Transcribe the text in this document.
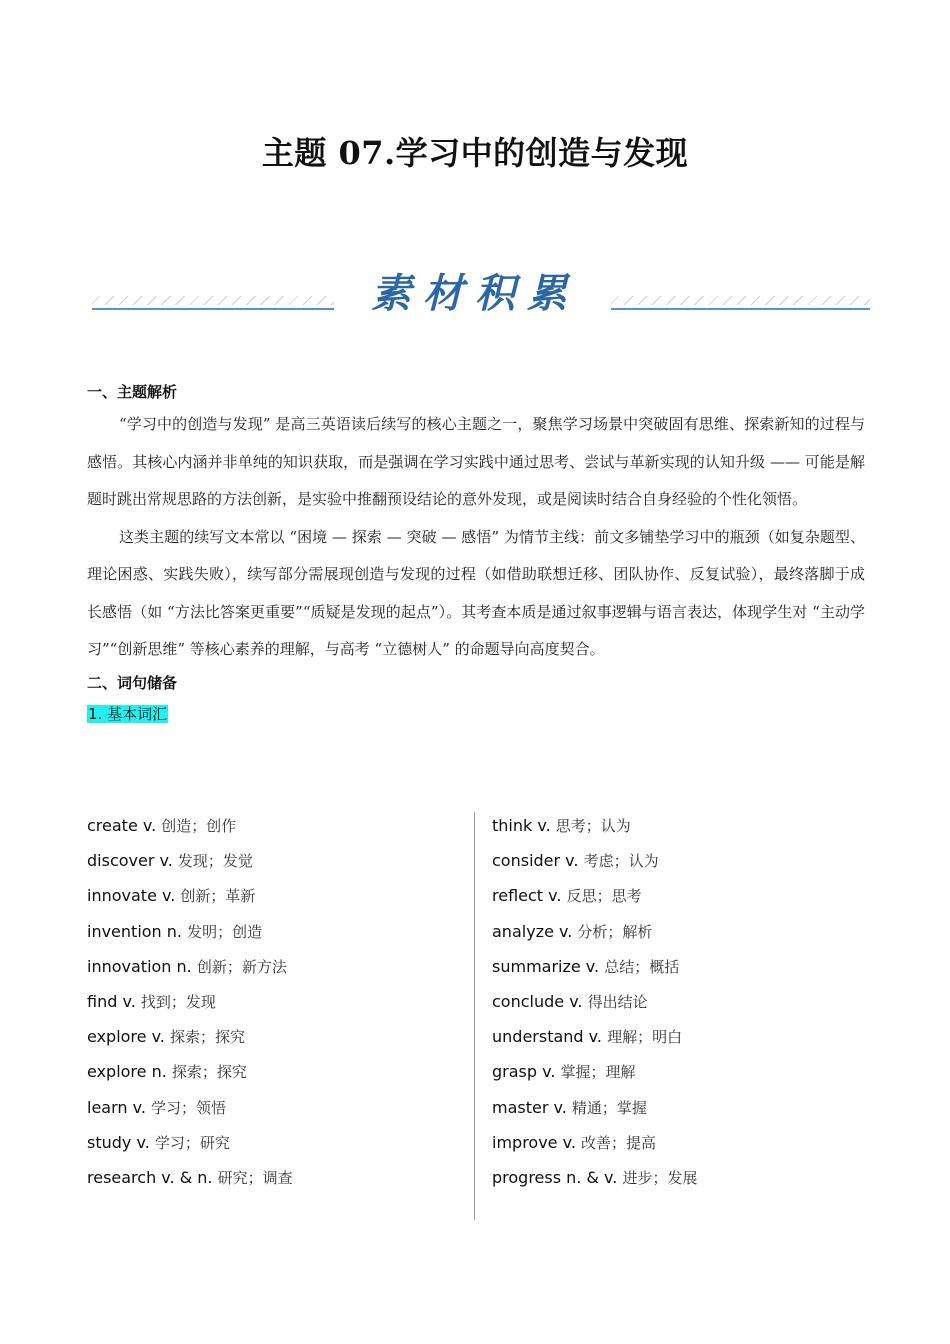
主题 07.学习中的创造与发现
素材积累

一、主题解析

“学习中的创造与发现” 是高三英语读后续写的核心主题之一，聚焦学习场景中突破固有思维、探索新知的过程与感悟。其核心内涵并非单纯的知识获取，而是强调在学习实践中通过思考、尝试与革新实现的认知升级 —— 可能是解题时跳出常规思路的方法创新，是实验中推翻预设结论的意外发现，或是阅读时结合自身经验的个性化领悟。

这类主题的续写文本常以 “困境 — 探索 — 突破 — 感悟” 为情节主线：前文多铺垫学习中的瓶颈（如复杂题型、理论困惑、实践失败），续写部分需展现创造与发现的过程（如借助联想迁移、团队协作、反复试验），最终落脚于成长感悟（如 “方法比答案更重要”“质疑是发现的起点”）。其考查本质是通过叙事逻辑与语言表达，体现学生对 “主动学习”“创新思维” 等核心素养的理解，与高考 “立德树人” 的命题导向高度契合。

二、词句储备

1. 基本词汇
create v. 创造；创作
discover v. 发现；发觉
innovate v. 创新；革新
invention n. 发明；创造
innovation n. 创新；新方法
find v. 找到；发现
explore v. 探索；探究
explore n. 探索；探究
learn v. 学习；领悟
study v. 学习；研究
research v. & n. 研究；调查
think v. 思考；认为
consider v. 考虑；认为
reflect v. 反思；思考
analyze v. 分析；解析
summarize v. 总结；概括
conclude v. 得出结论
understand v. 理解；明白
grasp v. 掌握；理解
master v. 精通；掌握
improve v. 改善；提高
progress n. & v. 进步；发展
